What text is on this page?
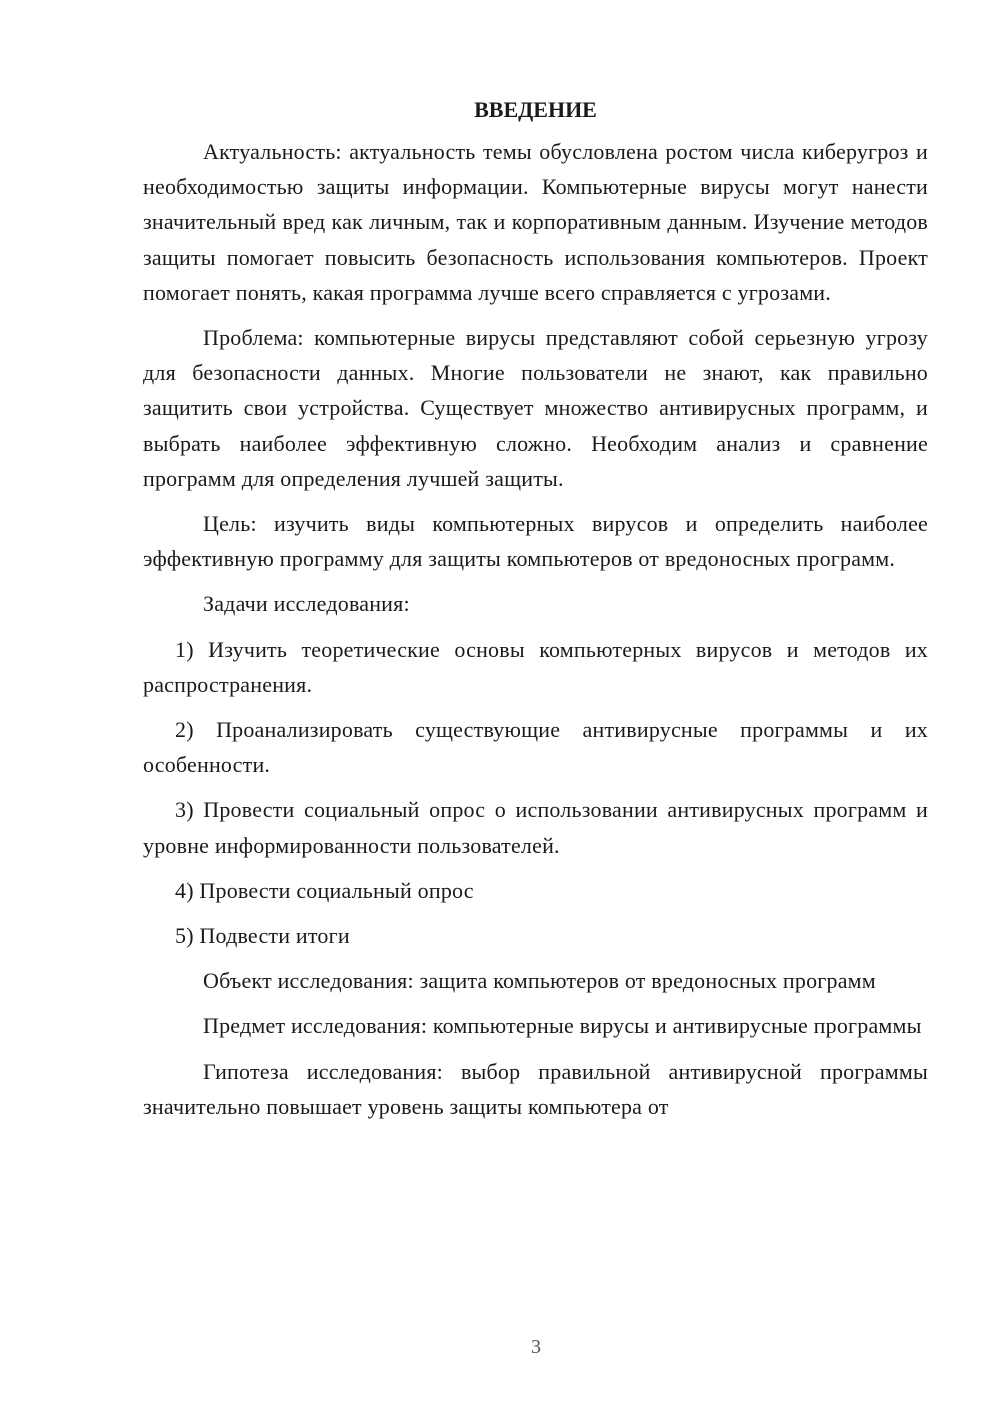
ВВЕДЕНИЕ

Актуальность: актуальность темы обусловлена ростом числа киберугроз и необходимостью защиты информации. Компьютерные вирусы могут нанести значительный вред как личным, так и корпоративным данным. Изучение методов защиты помогает повысить безопасность использования компьютеров. Проект помогает понять, какая программа лучше всего справляется с угрозами.

Проблема: компьютерные вирусы представляют собой серьезную угрозу для безопасности данных. Многие пользователи не знают, как правильно защитить свои устройства. Существует множество антивирусных программ, и выбрать наиболее эффективную сложно. Необходим анализ и сравнение программ для определения лучшей защиты.

Цель: изучить виды компьютерных вирусов и определить наиболее эффективную программу для защиты компьютеров от вредоносных программ.

Задачи исследования:

1) Изучить теоретические основы компьютерных вирусов и методов их распространения.

2) Проанализировать существующие антивирусные программы и их особенности.

3) Провести социальный опрос о использовании антивирусных программ и уровне информированности пользователей.

4) Провести социальный опрос

5) Подвести итоги

Объект исследования: защита компьютеров от вредоносных программ

Предмет исследования: компьютерные вирусы и антивирусные программы

Гипотеза исследования: выбор правильной антивирусной программы значительно повышает уровень защиты компьютера от

3
